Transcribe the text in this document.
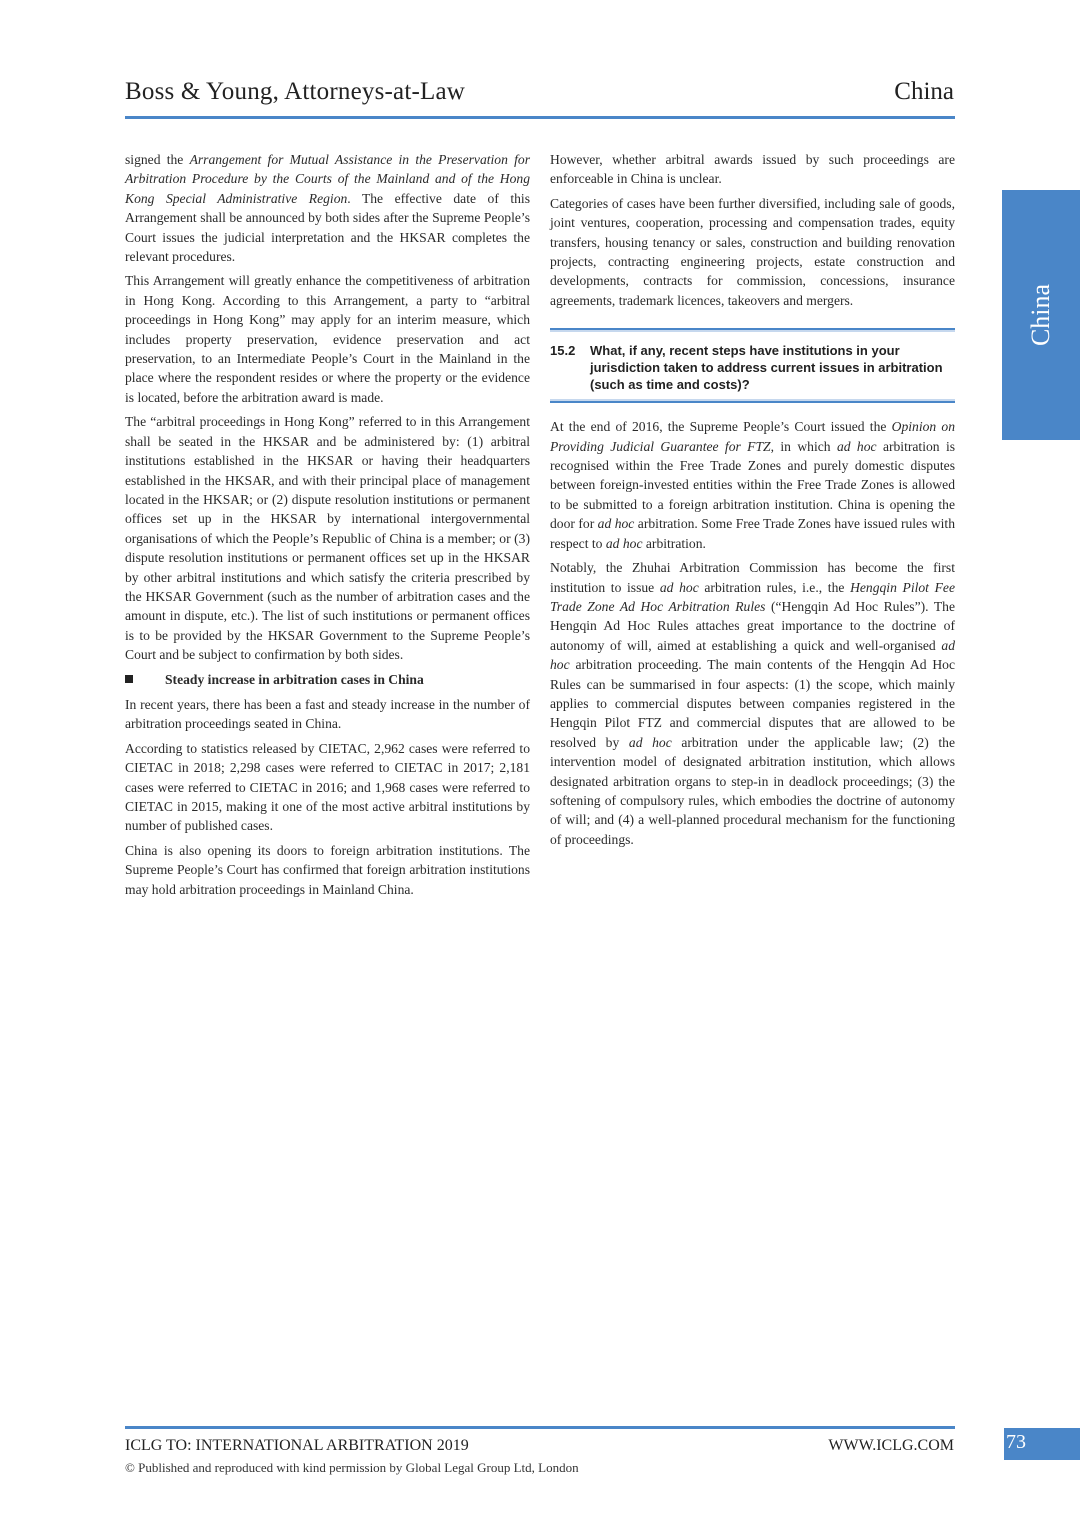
Boss & Young, Attorneys-at-Law	China
China

signed the Arrangement for Mutual Assistance in the Preservation for Arbitration Procedure by the Courts of the Mainland and of the Hong Kong Special Administrative Region. The effective date of this Arrangement shall be announced by both sides after the Supreme People’s Court issues the judicial interpretation and the HKSAR completes the relevant procedures.

This Arrangement will greatly enhance the competitiveness of arbitration in Hong Kong. According to this Arrangement, a party to “arbitral proceedings in Hong Kong” may apply for an interim measure, which includes property preservation, evidence preservation and act preservation, to an Intermediate People’s Court in the Mainland in the place where the respondent resides or where the property or the evidence is located, before the arbitration award is made.

The “arbitral proceedings in Hong Kong” referred to in this Arrangement shall be seated in the HKSAR and be administered by: (1) arbitral institutions established in the HKSAR or having their headquarters established in the HKSAR, and with their principal place of management located in the HKSAR; or (2) dispute resolution institutions or permanent offices set up in the HKSAR by international intergovernmental organisations of which the People’s Republic of China is a member; or (3) dispute resolution institutions or permanent offices set up in the HKSAR by other arbitral institutions and which satisfy the criteria prescribed by the HKSAR Government (such as the number of arbitration cases and the amount in dispute, etc.). The list of such institutions or permanent offices is to be provided by the HKSAR Government to the Supreme People’s Court and be subject to confirmation by both sides.

Steady increase in arbitration cases in China

In recent years, there has been a fast and steady increase in the number of arbitration proceedings seated in China.

According to statistics released by CIETAC, 2,962 cases were referred to CIETAC in 2018; 2,298 cases were referred to CIETAC in 2017; 2,181 cases were referred to CIETAC in 2016; and 1,968 cases were referred to CIETAC in 2015, making it one of the most active arbitral institutions by number of published cases.

China is also opening its doors to foreign arbitration institutions. The Supreme People’s Court has confirmed that foreign arbitration institutions may hold arbitration proceedings in Mainland China.

However, whether arbitral awards issued by such proceedings are enforceable in China is unclear.

Categories of cases have been further diversified, including sale of goods, joint ventures, cooperation, processing and compensation trades, equity transfers, housing tenancy or sales, construction and building renovation projects, contracting engineering projects, estate construction and developments, contracts for commission, concessions, insurance agreements, trademark licences, takeovers and mergers.

15.2	What, if any, recent steps have institutions in your jurisdiction taken to address current issues in arbitration (such as time and costs)?

At the end of 2016, the Supreme People’s Court issued the Opinion on Providing Judicial Guarantee for FTZ, in which ad hoc arbitration is recognised within the Free Trade Zones and purely domestic disputes between foreign-invested entities within the Free Trade Zones is allowed to be submitted to a foreign arbitration institution. China is opening the door for ad hoc arbitration. Some Free Trade Zones have issued rules with respect to ad hoc arbitration.

Notably, the Zhuhai Arbitration Commission has become the first institution to issue ad hoc arbitration rules, i.e., the Hengqin Pilot Fee Trade Zone Ad Hoc Arbitration Rules (“Hengqin Ad Hoc Rules”). The Hengqin Ad Hoc Rules attaches great importance to the doctrine of autonomy of will, aimed at establishing a quick and well-organised ad hoc arbitration proceeding. The main contents of the Hengqin Ad Hoc Rules can be summarised in four aspects: (1) the scope, which mainly applies to commercial disputes between companies registered in the Hengqin Pilot FTZ and commercial disputes that are allowed to be resolved by ad hoc arbitration under the applicable law; (2) the intervention model of designated arbitration institution, which allows designated arbitration organs to step-in in deadlock proceedings; (3) the softening of compulsory rules, which embodies the doctrine of autonomy of will; and (4) a well-planned procedural mechanism for the functioning of proceedings.

ICLG TO: INTERNATIONAL ARBITRATION 2019	WWW.ICLG.COM
© Published and reproduced with kind permission by Global Legal Group Ltd, London
73
